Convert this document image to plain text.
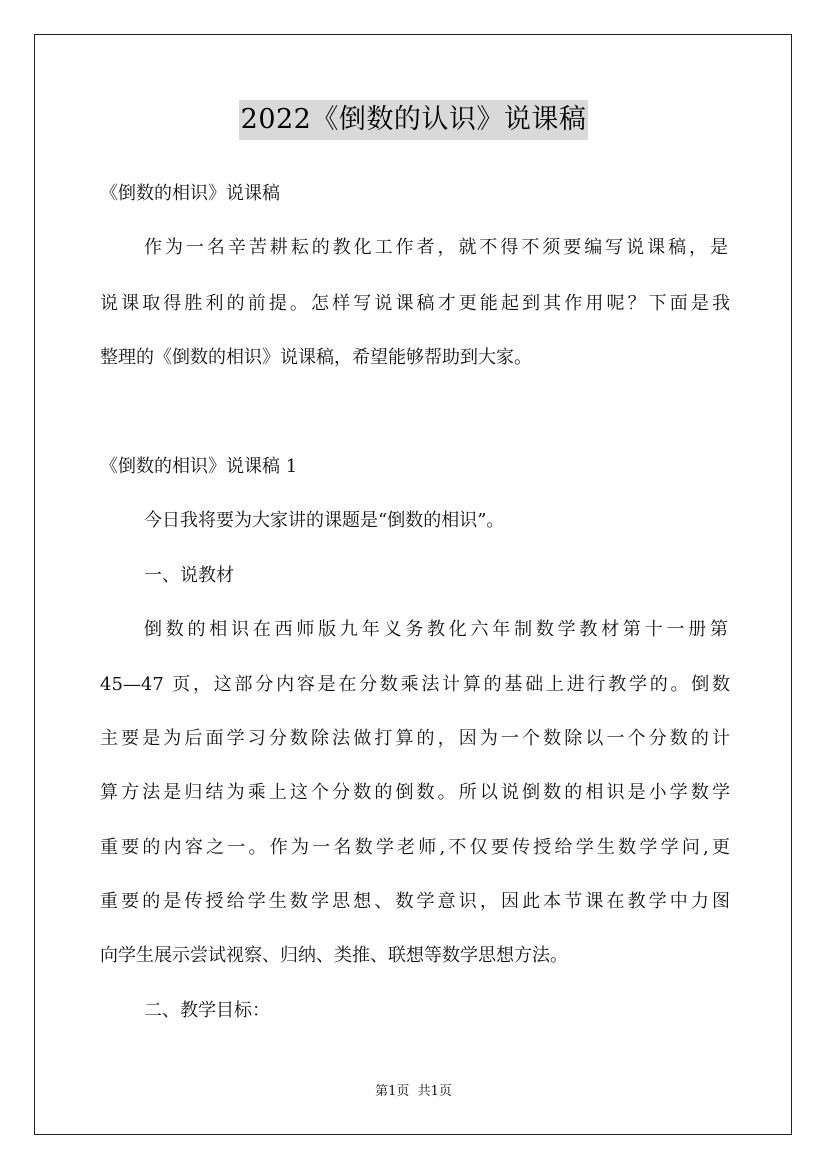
2022《倒数的认识》说课稿
《倒数的相识》说课稿
作为一名辛苦耕耘的教化工作者，就不得不须要编写说课稿，是
说课取得胜利的前提。怎样写说课稿才更能起到其作用呢？下面是我
整理的《倒数的相识》说课稿，希望能够帮助到大家。
《倒数的相识》说课稿 1
今日我将要为大家讲的课题是“倒数的相识”。
一、说教材
倒数的相识在西师版九年义务教化六年制数学教材第十一册第
45—47 页，这部分内容是在分数乘法计算的基础上进行教学的。倒数
主要是为后面学习分数除法做打算的，因为一个数除以一个分数的计
算方法是归结为乘上这个分数的倒数。所以说倒数的相识是小学数学
重要的内容之一。作为一名数学老师,不仅要传授给学生数学学问,更
重要的是传授给学生数学思想、数学意识，因此本节课在教学中力图
向学生展示尝试视察、归纳、类推、联想等数学思想方法。
二、教学目标：
第1页 共1页
